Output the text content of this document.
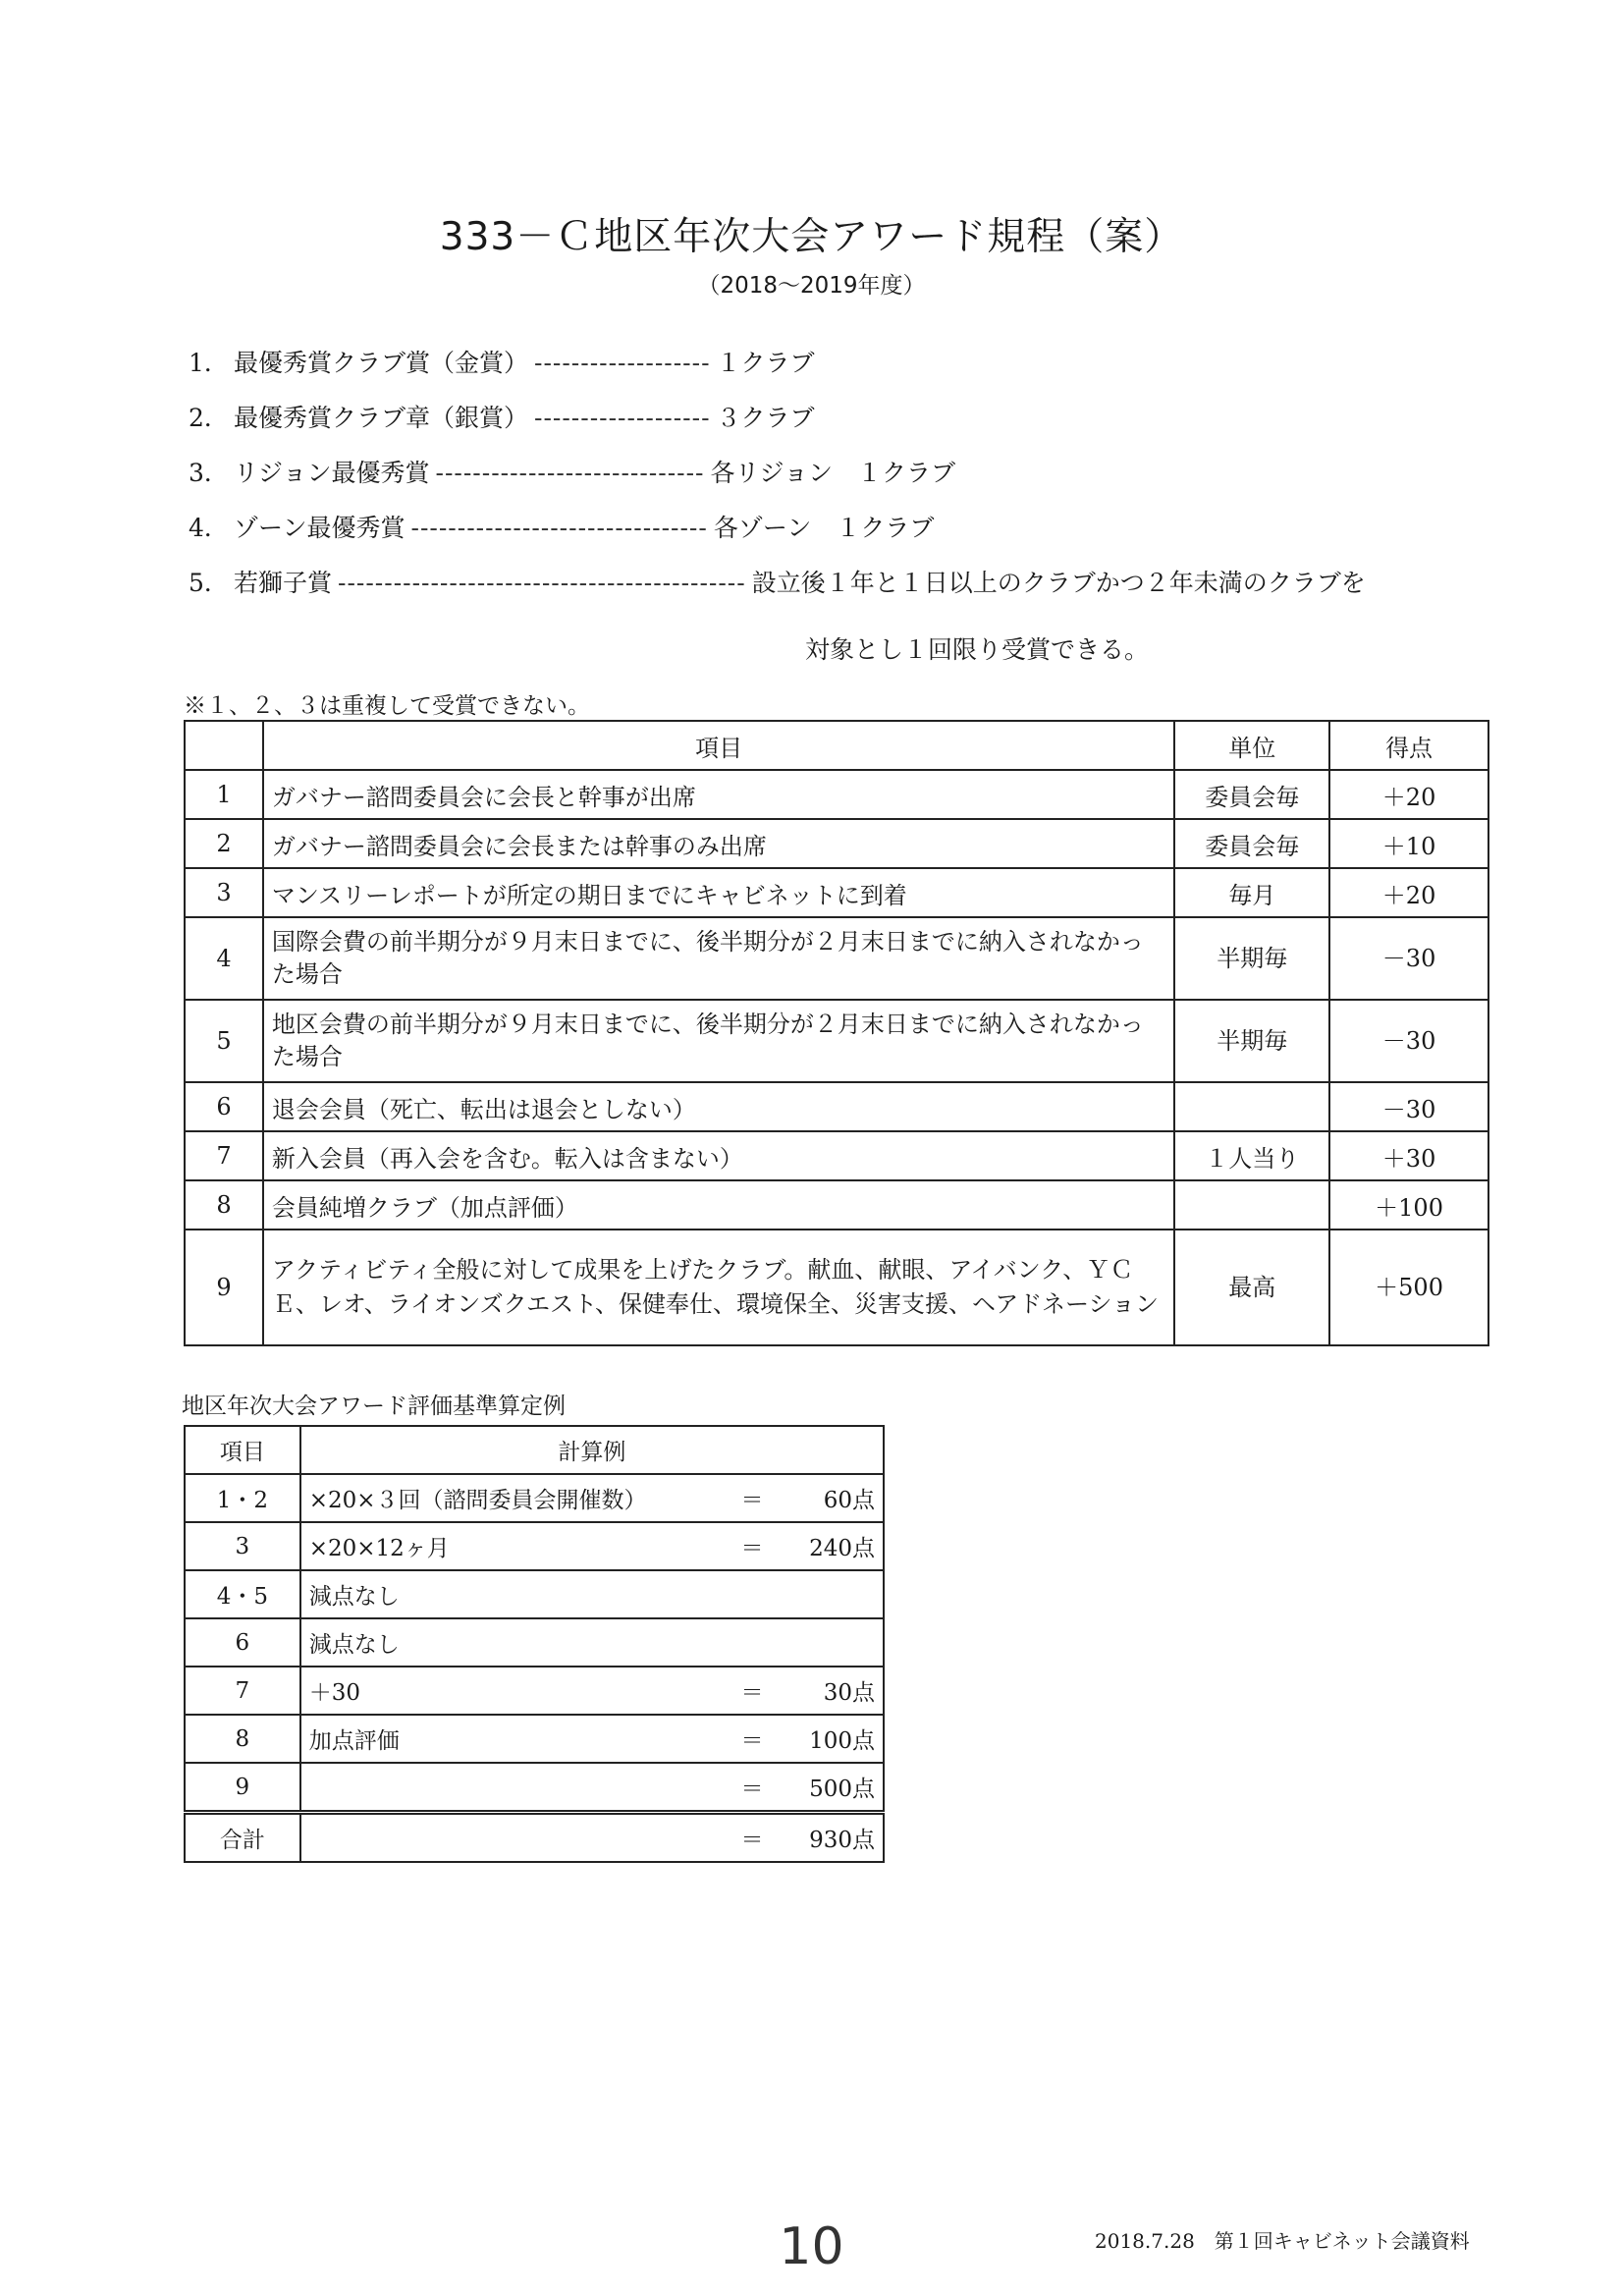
333－Ｃ地区年次大会アワード規程（案）
（2018～2019年度）
1． 最優秀賞クラブ賞（金賞） ------------------- １クラブ
2． 最優秀賞クラブ章（銀賞） ------------------- ３クラブ
3． リジョン最優秀賞 ----------------------------- 各リジョン　１クラブ
4． ゾーン最優秀賞 -------------------------------- 各ゾーン　１クラブ
5． 若獅子賞 -------------------------------------------- 設立後１年と１日以上のクラブかつ２年未満のクラブを
対象とし１回限り受賞できる。
※１、２、３は重複して受賞できない。
	項目	単位	得点
1	ガバナー諮問委員会に会長と幹事が出席	委員会毎	＋20
2	ガバナー諮問委員会に会長または幹事のみ出席	委員会毎	＋10
3	マンスリーレポートが所定の期日までにキャビネットに到着	毎月	＋20
4	国際会費の前半期分が９月末日までに、後半期分が２月末日までに納入されなかった場合	半期毎	－30
5	地区会費の前半期分が９月末日までに、後半期分が２月末日までに納入されなかった場合	半期毎	－30
6	退会会員（死亡、転出は退会としない）		－30
7	新入会員（再入会を含む。転入は含まない）	１人当り	＋30
8	会員純増クラブ（加点評価）		＋100
9	アクティビティ全般に対して成果を上げたクラブ。献血、献眼、アイバンク、ＹＣＥ、レオ、ライオンズクエスト、保健奉仕、環境保全、災害支援、ヘアドネーション	最高	＋500
地区年次大会アワード評価基準算定例
項目	計算例
1・2	×20×３回（諮問委員会開催数） ＝ 60点

3	×20×12ヶ月 ＝ 240点

4・5	減点なし

6	減点なし

7	＋30 ＝ 30点

8	加点評価 ＝ 100点

9	＝ 500点

合計	＝ 930点
2018.7.28　第１回キャビネット会議資料
10
